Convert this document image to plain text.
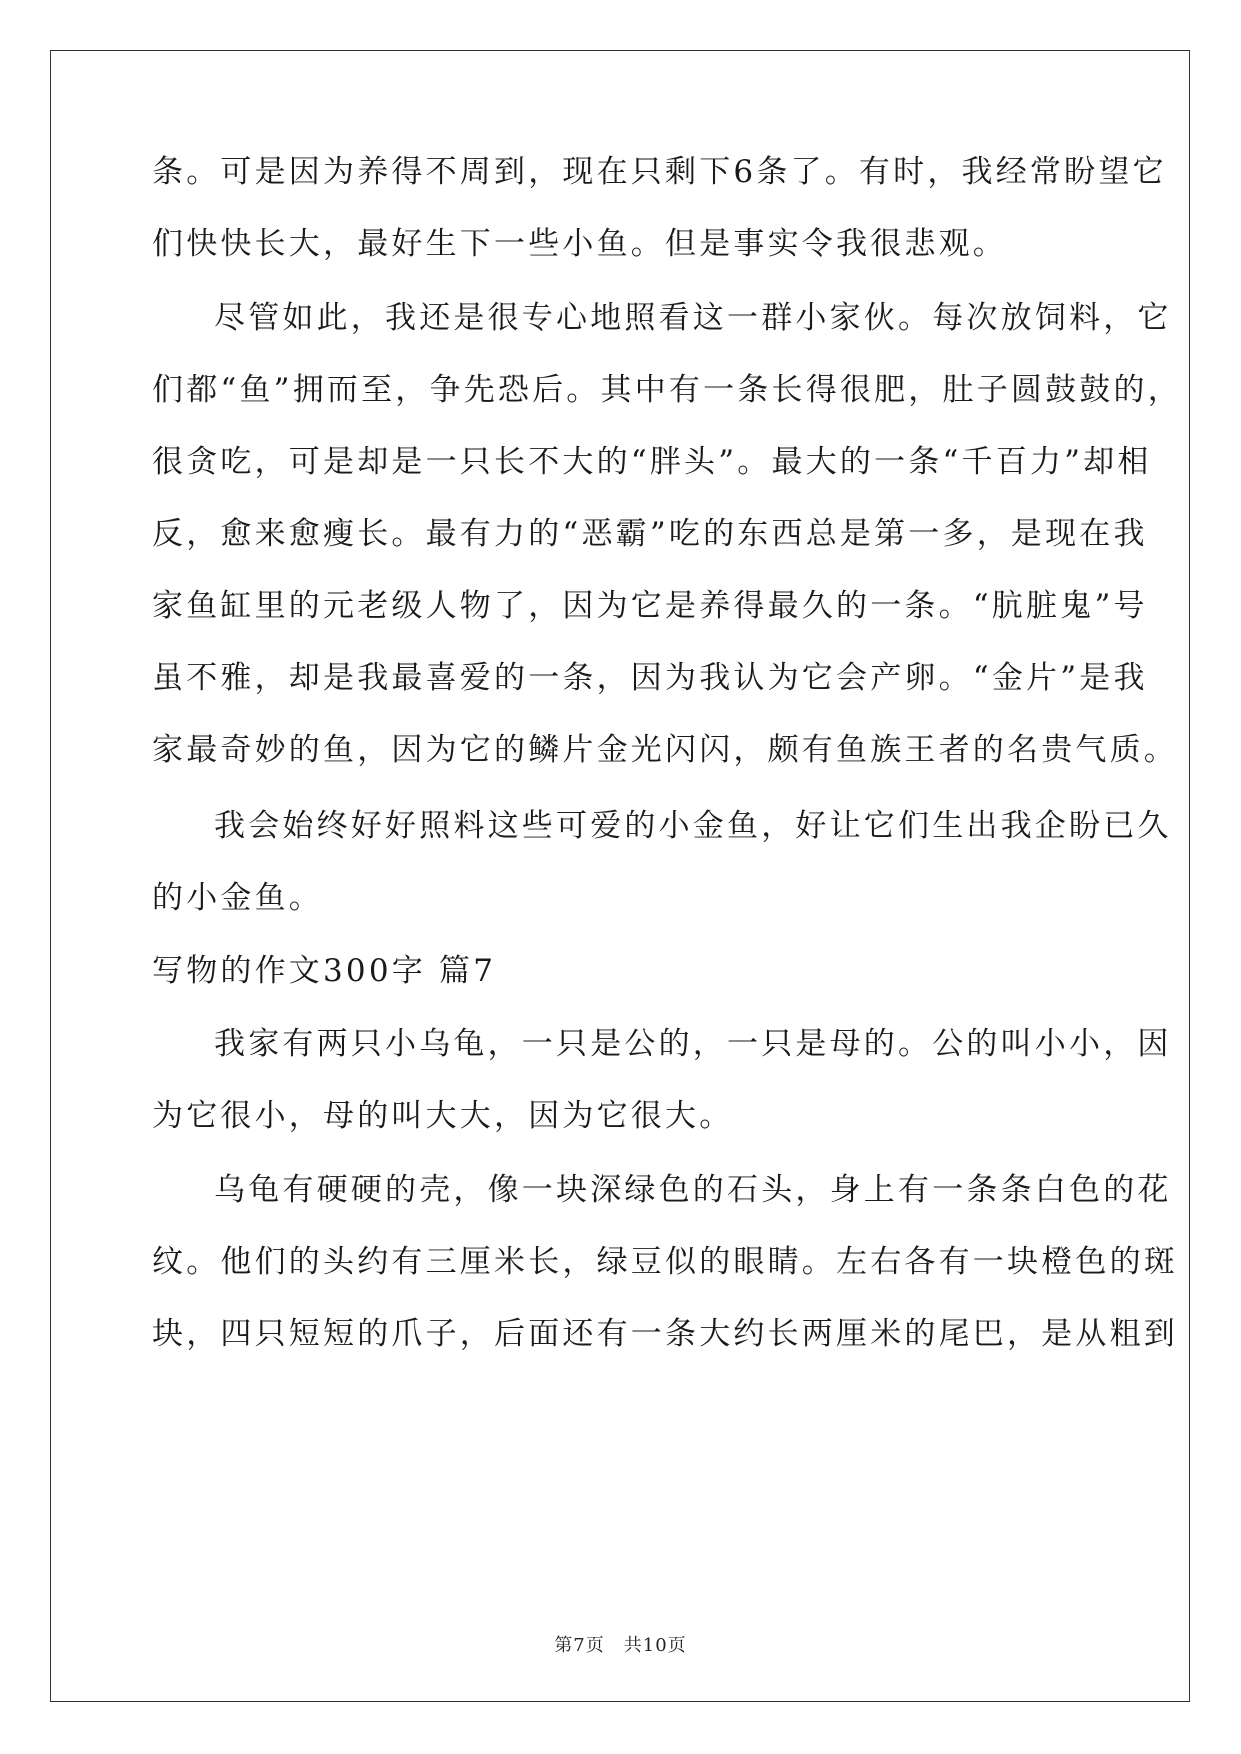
条。可是因为养得不周到，现在只剩下6条了。有时，我经常盼望它
们快快长大，最好生下一些小鱼。但是事实令我很悲观。
尽管如此，我还是很专心地照看这一群小家伙。每次放饲料，它
们都“鱼”拥而至，争先恐后。其中有一条长得很肥，肚子圆鼓鼓的，
很贪吃，可是却是一只长不大的“胖头”。最大的一条“千百力”却相
反，愈来愈瘦长。最有力的“恶霸”吃的东西总是第一多，是现在我
家鱼缸里的元老级人物了，因为它是养得最久的一条。“肮脏鬼”号
虽不雅，却是我最喜爱的一条，因为我认为它会产卵。“金片”是我
家最奇妙的鱼，因为它的鳞片金光闪闪，颇有鱼族王者的名贵气质。
我会始终好好照料这些可爱的小金鱼，好让它们生出我企盼已久
的小金鱼。
写物的作文300字 篇7
我家有两只小乌龟，一只是公的，一只是母的。公的叫小小，因
为它很小，母的叫大大，因为它很大。
乌龟有硬硬的壳，像一块深绿色的石头，身上有一条条白色的花
纹。他们的头约有三厘米长，绿豆似的眼睛。左右各有一块橙色的斑
块，四只短短的爪子，后面还有一条大约长两厘米的尾巴，是从粗到
第7页　共10页
